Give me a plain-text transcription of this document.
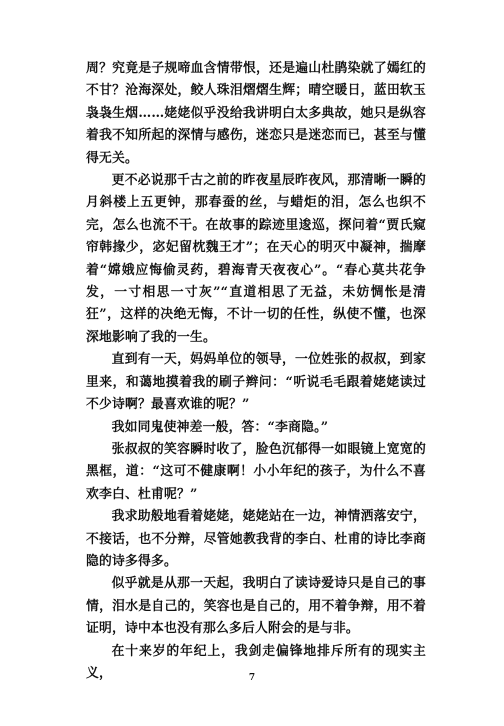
周？究竟是子规啼血含情带恨，还是遍山杜鹃染就了嫣红的不甘？沧海深处，鲛人珠泪熠熠生辉；晴空暖日，蓝田软玉袅袅生烟……姥姥似乎没给我讲明白太多典故，她只是纵容着我不知所起的深情与感伤，迷恋只是迷恋而已，甚至与懂得无关。

更不必说那千古之前的昨夜星辰昨夜风，那清晰一瞬的月斜楼上五更钟，那春蚕的丝，与蜡炬的泪，怎么也织不完，怎么也流不干。在故事的踪迹里逡巡，探问着“贾氏窥帘韩掾少，宓妃留枕魏王才”；在天心的明灭中凝神，揣摩着“嫦娥应悔偷灵药，碧海青天夜夜心”。“春心莫共花争发，一寸相思一寸灰”“直道相思了无益，未妨惆怅是清狂”，这样的决绝无悔，不计一切的任性，纵使不懂，也深深地影响了我的一生。

直到有一天，妈妈单位的领导，一位姓张的叔叔，到家里来，和蔼地摸着我的刷子辫问：“听说毛毛跟着姥姥读过不少诗啊？最喜欢谁的呢？”

我如同鬼使神差一般，答：“李商隐。”

张叔叔的笑容瞬时收了，脸色沉郁得一如眼镜上宽宽的黑框，道：“这可不健康啊！小小年纪的孩子，为什么不喜欢李白、杜甫呢？”

我求助般地看着姥姥，姥姥站在一边，神情洒落安宁，不接话，也不分辩，尽管她教我背的李白、杜甫的诗比李商隐的诗多得多。

似乎就是从那一天起，我明白了读诗爱诗只是自己的事情，泪水是自己的，笑容也是自己的，用不着争辩，用不着证明，诗中本也没有那么多后人附会的是与非。

在十来岁的年纪上，我剑走偏锋地排斥所有的现实主义，	7
